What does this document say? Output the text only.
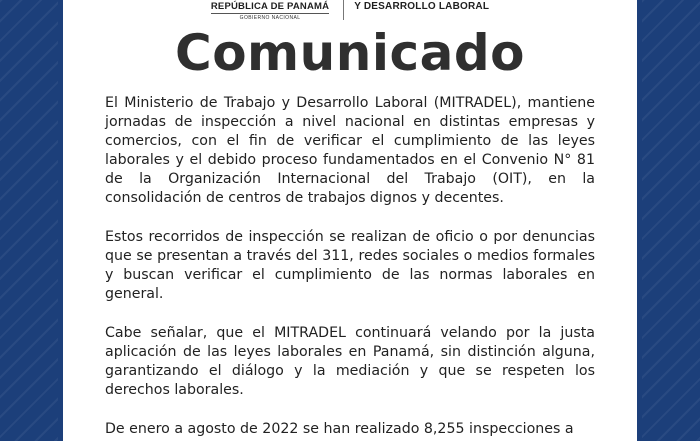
REPÚBLICA DE PANAMÁ
GOBIERNO NACIONAL
Y DESARROLLO LABORAL
Comunicado

El Ministerio de Trabajo y Desarrollo Laboral (MITRADEL), mantiene jornadas de inspección a nivel nacional en distintas empresas y comercios, con el fin de verificar el cumplimiento de las leyes laborales y el debido proceso fundamentados en el Convenio N° 81 de la Organización Internacional del Trabajo (OIT), en la consolidación de centros de trabajos dignos y decentes.

Estos recorridos de inspección se realizan de oficio o por denuncias que se presentan a través del 311, redes sociales o medios formales y buscan verificar el cumplimiento de las normas laborales en general.

Cabe señalar, que el MITRADEL continuará velando por la justa aplicación de las leyes laborales en Panamá, sin distinción alguna, garantizando el diálogo y la mediación y que se respeten los derechos laborales.

De enero a agosto de 2022 se han realizado 8,255 inspecciones a
